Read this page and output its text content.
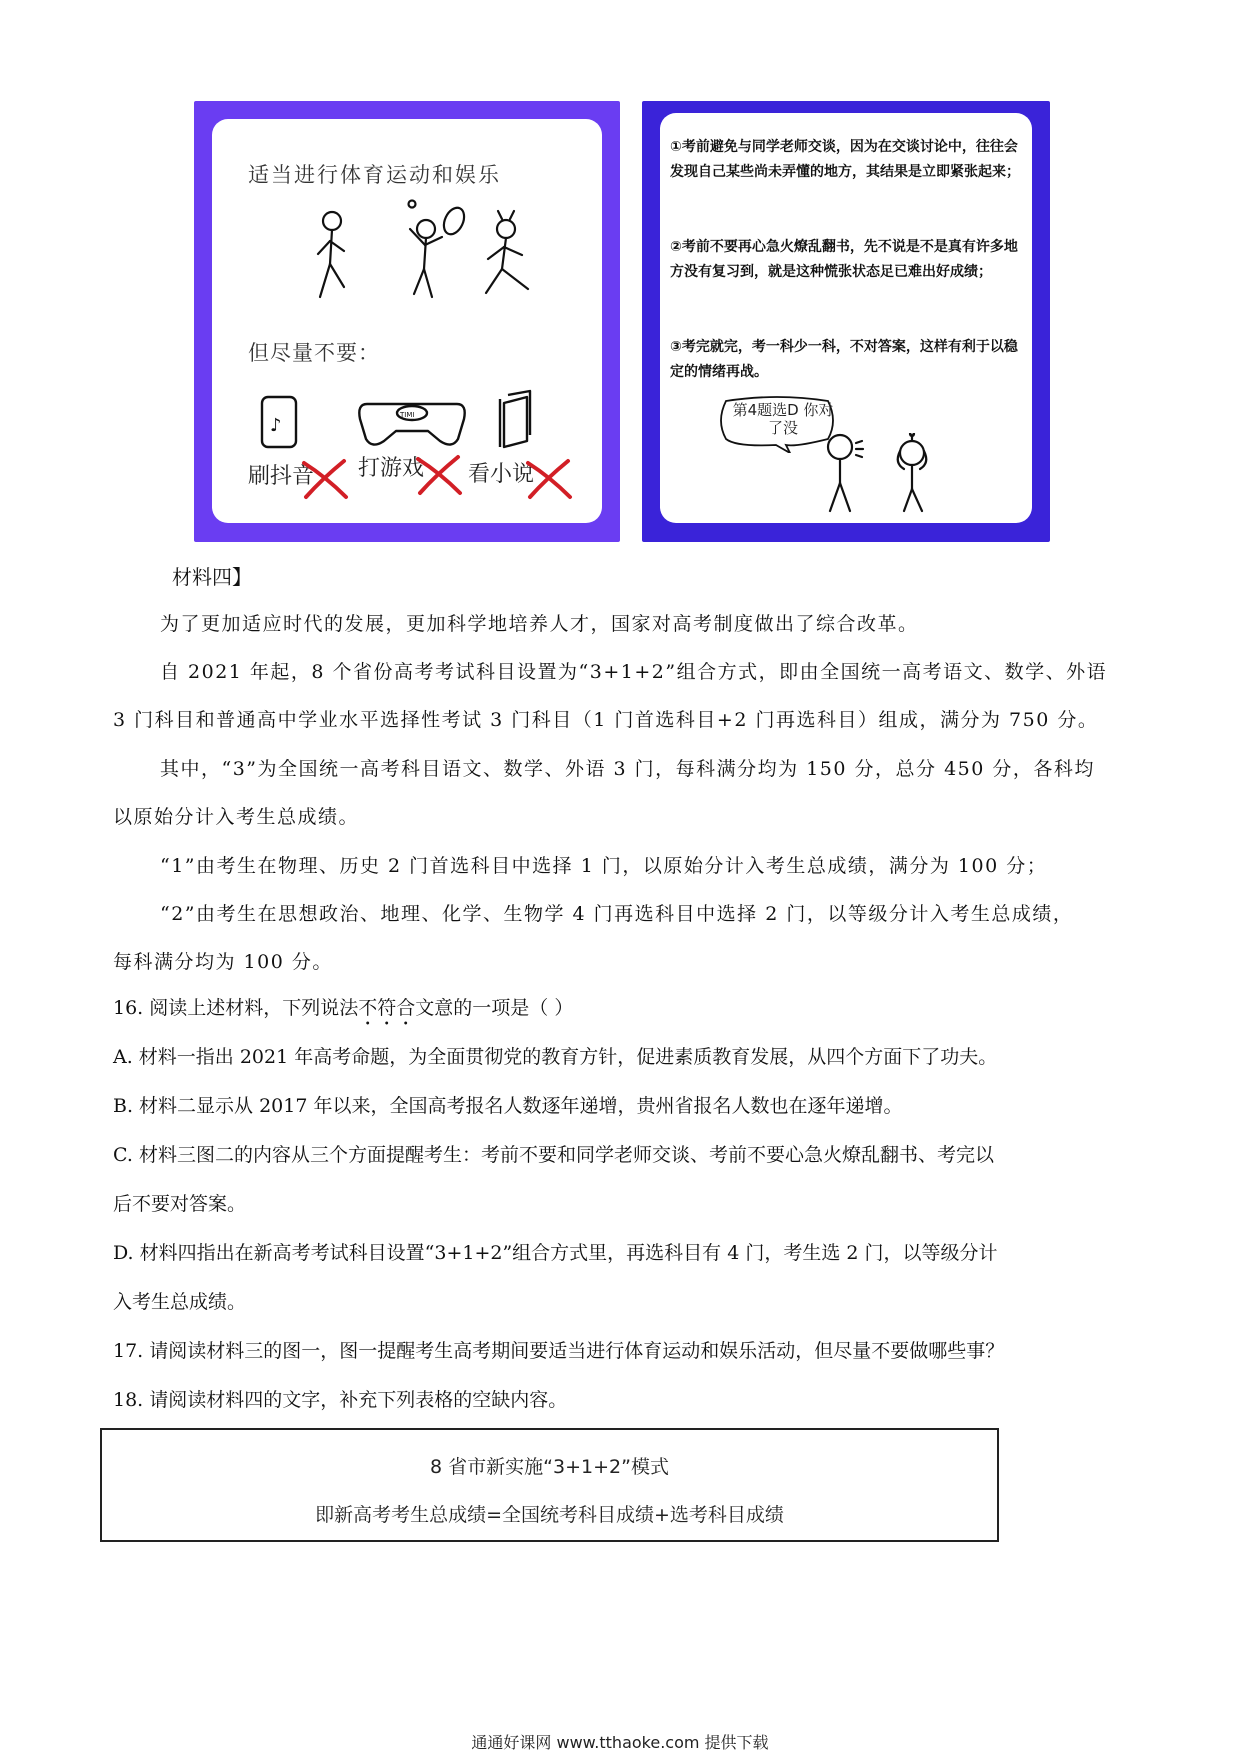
适当进行体育运动和娱乐
但尽量不要：
♪	TIMI
刷抖音 打游戏 看小说
①考前避免与同学老师交谈，因为在交谈讨论中，往往会发现自己某些尚未弄懂的地方，其结果是立即紧张起来；
②考前不要再心急火燎乱翻书，先不说是不是真有许多地方没有复习到，就是这种慌张状态足已难出好成绩；
③考完就完，考一科少一科，不对答案，这样有利于以稳定的情绪再战。
第4题选D 你对了没
材料四】
为了更加适应时代的发展，更加科学地培养人才，国家对高考制度做出了综合改革。
自 2021 年起，8 个省份高考考试科目设置为“3+1+2”组合方式，即由全国统一高考语文、数学、外语
3 门科目和普通高中学业水平选择性考试 3 门科目（1 门首选科目+2 门再选科目）组成，满分为 750 分。
其中，“3”为全国统一高考科目语文、数学、外语 3 门，每科满分均为 150 分，总分 450 分，各科均
以原始分计入考生总成绩。
“1”由考生在物理、历史 2 门首选科目中选择 1 门，以原始分计入考生总成绩，满分为 100 分；
“2”由考生在思想政治、地理、化学、生物学 4 门再选科目中选择 2 门，以等级分计入考生总成绩，
每科满分均为 100 分。
16. 阅读上述材料，下列说法不符合文意的一项是（ ）
A. 材料一指出 2021 年高考命题，为全面贯彻党的教育方针，促进素质教育发展，从四个方面下了功夫。
B. 材料二显示从 2017 年以来，全国高考报名人数逐年递增，贵州省报名人数也在逐年递增。
C. 材料三图二的内容从三个方面提醒考生：考前不要和同学老师交谈、考前不要心急火燎乱翻书、考完以
后不要对答案。
D. 材料四指出在新高考考试科目设置“3+1+2”组合方式里，再选科目有 4 门，考生选 2 门，以等级分计
入考生总成绩。
17. 请阅读材料三的图一，图一提醒考生高考期间要适当进行体育运动和娱乐活动，但尽量不要做哪些事？
18. 请阅读材料四的文字，补充下列表格的空缺内容。
8 省市新实施“3+1+2”模式
即新高考考生总成绩=全国统考科目成绩+选考科目成绩
通通好课网 www.tthaoke.com 提供下载
